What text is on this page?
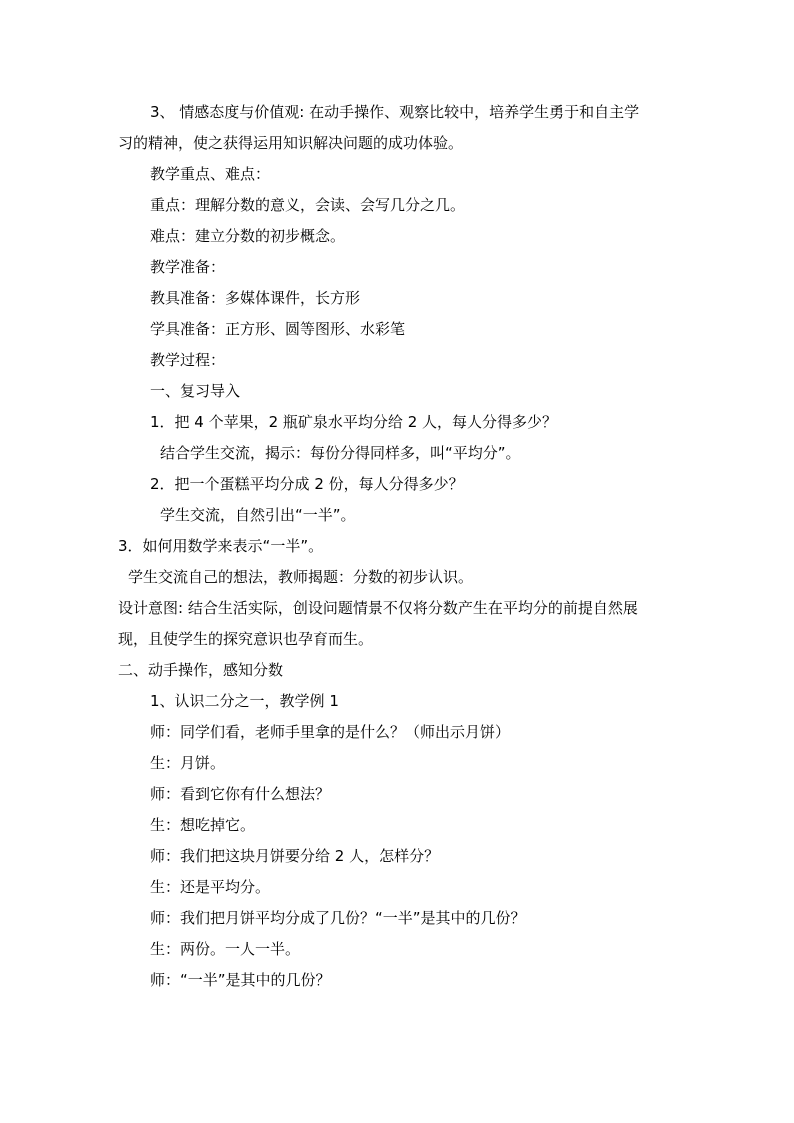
3、 情感态度与价值观: 在动手操作、观察比较中，培养学生勇于和自主学
习的精神，使之获得运用知识解决问题的成功体验。
教学重点、难点：
重点：理解分数的意义，会读、会写几分之几。
难点：建立分数的初步概念。
教学准备：
教具准备：多媒体课件，长方形
学具准备：正方形、圆等图形、水彩笔
教学过程：
一、复习导入
1．把 4 个苹果，2 瓶矿泉水平均分给 2 人，每人分得多少？
结合学生交流，揭示：每份分得同样多，叫“平均分”。
2．把一个蛋糕平均分成 2 份，每人分得多少？
学生交流，自然引出“一半”。
3．如何用数学来表示“一半”。
学生交流自己的想法，教师揭题：分数的初步认识。
设计意图: 结合生活实际，创设问题情景不仅将分数产生在平均分的前提自然展
现，且使学生的探究意识也孕育而生。
二、动手操作，感知分数
1、认识二分之一，教学例 1
师：同学们看，老师手里拿的是什么？（师出示月饼）
生：月饼。
师：看到它你有什么想法？
生：想吃掉它。
师：我们把这块月饼要分给 2 人，怎样分？
生：还是平均分。
师：我们把月饼平均分成了几份？“一半”是其中的几份？
生：两份。一人一半。
师：“一半”是其中的几份？
